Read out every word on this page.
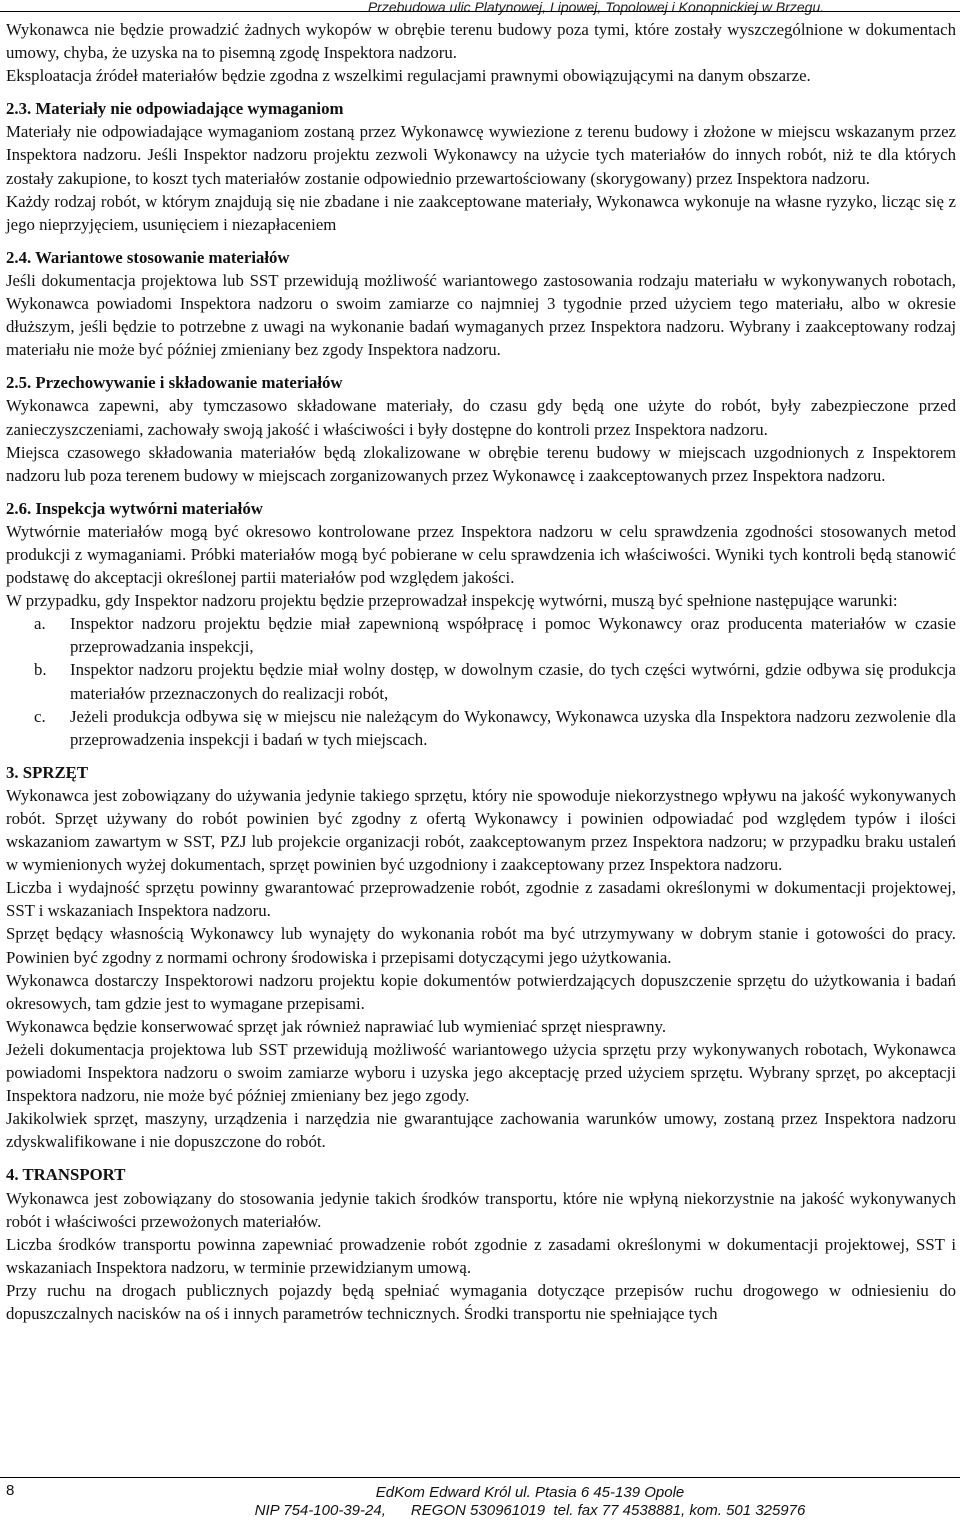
Przebudowa ulic Platynowej, Lipowej, Topolowej i Konopnickiej w Brzegu.

Wykonawca nie będzie prowadzić żadnych wykopów w obrębie terenu budowy poza tymi, które zostały wyszczególnione w dokumentach umowy, chyba, że uzyska na to pisemną zgodę Inspektora nadzoru.

Eksploatacja źródeł materiałów będzie zgodna z wszelkimi regulacjami prawnymi obowiązującymi na danym obszarze.

2.3. Materiały nie odpowiadające wymaganiom

Materiały nie odpowiadające wymaganiom zostaną przez Wykonawcę wywiezione z terenu budowy i złożone w miejscu wskazanym przez Inspektora nadzoru. Jeśli Inspektor nadzoru projektu zezwoli Wykonawcy na użycie tych materiałów do innych robót, niż te dla których zostały zakupione, to koszt tych materiałów zostanie odpowiednio przewartościowany (skorygowany) przez Inspektora nadzoru.

Każdy rodzaj robót, w którym znajdują się nie zbadane i nie zaakceptowane materiały, Wykonawca wykonuje na własne ryzyko, licząc się z jego nieprzyjęciem, usunięciem i niezapłaceniem

2.4. Wariantowe stosowanie materiałów

Jeśli dokumentacja projektowa lub SST przewidują możliwość wariantowego zastosowania rodzaju materiału w wykonywanych robotach, Wykonawca powiadomi Inspektora nadzoru o swoim zamiarze co najmniej 3 tygodnie przed użyciem tego materiału, albo w okresie dłuższym, jeśli będzie to potrzebne z uwagi na wykonanie badań wymaganych przez Inspektora nadzoru. Wybrany i zaakceptowany rodzaj materiału nie może być później zmieniany bez zgody Inspektora nadzoru.

2.5. Przechowywanie i składowanie materiałów

Wykonawca zapewni, aby tymczasowo składowane materiały, do czasu gdy będą one użyte do robót, były zabezpieczone przed zanieczyszczeniami, zachowały swoją jakość i właściwości i były dostępne do kontroli przez Inspektora nadzoru.

Miejsca czasowego składowania materiałów będą zlokalizowane w obrębie terenu budowy w miejscach uzgodnionych z Inspektorem nadzoru lub poza terenem budowy w miejscach zorganizowanych przez Wykonawcę i zaakceptowanych przez Inspektora nadzoru.

2.6. Inspekcja wytwórni materiałów

Wytwórnie materiałów mogą być okresowo kontrolowane przez Inspektora nadzoru w celu sprawdzenia zgodności stosowanych metod produkcji z wymaganiami. Próbki materiałów mogą być pobierane w celu sprawdzenia ich właściwości. Wyniki tych kontroli będą stanowić podstawę do akceptacji określonej partii materiałów pod względem jakości.

W przypadku, gdy Inspektor nadzoru projektu będzie przeprowadzał inspekcję wytwórni, muszą być spełnione następujące warunki:

a. Inspektor nadzoru projektu będzie miał zapewnioną współpracę i pomoc Wykonawcy oraz producenta materiałów w czasie przeprowadzania inspekcji,
b. Inspektor nadzoru projektu będzie miał wolny dostęp, w dowolnym czasie, do tych części wytwórni, gdzie odbywa się produkcja materiałów przeznaczonych do realizacji robót,
c. Jeżeli produkcja odbywa się w miejscu nie należącym do Wykonawcy, Wykonawca uzyska dla Inspektora nadzoru zezwolenie dla przeprowadzenia inspekcji i badań w tych miejscach.

3. SPRZĘT

Wykonawca jest zobowiązany do używania jedynie takiego sprzętu, który nie spowoduje niekorzystnego wpływu na jakość wykonywanych robót. Sprzęt używany do robót powinien być zgodny z ofertą Wykonawcy i powinien odpowiadać pod względem typów i ilości wskazaniom zawartym w SST, PZJ lub projekcie organizacji robót, zaakceptowanym przez Inspektora nadzoru; w przypadku braku ustaleń w wymienionych wyżej dokumentach, sprzęt powinien być uzgodniony i zaakceptowany przez Inspektora nadzoru.

Liczba i wydajność sprzętu powinny gwarantować przeprowadzenie robót, zgodnie z zasadami określonymi w dokumentacji projektowej, SST i wskazaniach Inspektora nadzoru.

Sprzęt będący własnością Wykonawcy lub wynajęty do wykonania robót ma być utrzymywany w dobrym stanie i gotowości do pracy. Powinien być zgodny z normami ochrony środowiska i przepisami dotyczącymi jego użytkowania.

Wykonawca dostarczy Inspektorowi nadzoru projektu kopie dokumentów potwierdzających dopuszczenie sprzętu do użytkowania i badań okresowych, tam gdzie jest to wymagane przepisami.

Wykonawca będzie konserwować sprzęt jak również naprawiać lub wymieniać sprzęt niesprawny.

Jeżeli dokumentacja projektowa lub SST przewidują możliwość wariantowego użycia sprzętu przy wykonywanych robotach, Wykonawca powiadomi Inspektora nadzoru o swoim zamiarze wyboru i uzyska jego akceptację przed użyciem sprzętu. Wybrany sprzęt, po akceptacji Inspektora nadzoru, nie może być później zmieniany bez jego zgody.

Jakikolwiek sprzęt, maszyny, urządzenia i narzędzia nie gwarantujące zachowania warunków umowy, zostaną przez Inspektora nadzoru zdyskwalifikowane i nie dopuszczone do robót.

4. TRANSPORT

Wykonawca jest zobowiązany do stosowania jedynie takich środków transportu, które nie wpłyną niekorzystnie na jakość wykonywanych robót i właściwości przewożonych materiałów.

Liczba środków transportu powinna zapewniać prowadzenie robót zgodnie z zasadami określonymi w dokumentacji projektowej, SST i wskazaniach Inspektora nadzoru, w terminie przewidzianym umową.

Przy ruchu na drogach publicznych pojazdy będą spełniać wymagania dotyczące przepisów ruchu drogowego w odniesieniu do dopuszczalnych nacisków na oś i innych parametrów technicznych. Środki transportu nie spełniające tych

8	EdKom Edward Król ul. Ptasia 6 45-139 Opole
NIP 754-100-39-24,      REGON 530961019  tel. fax 77 4538881, kom. 501 325976
